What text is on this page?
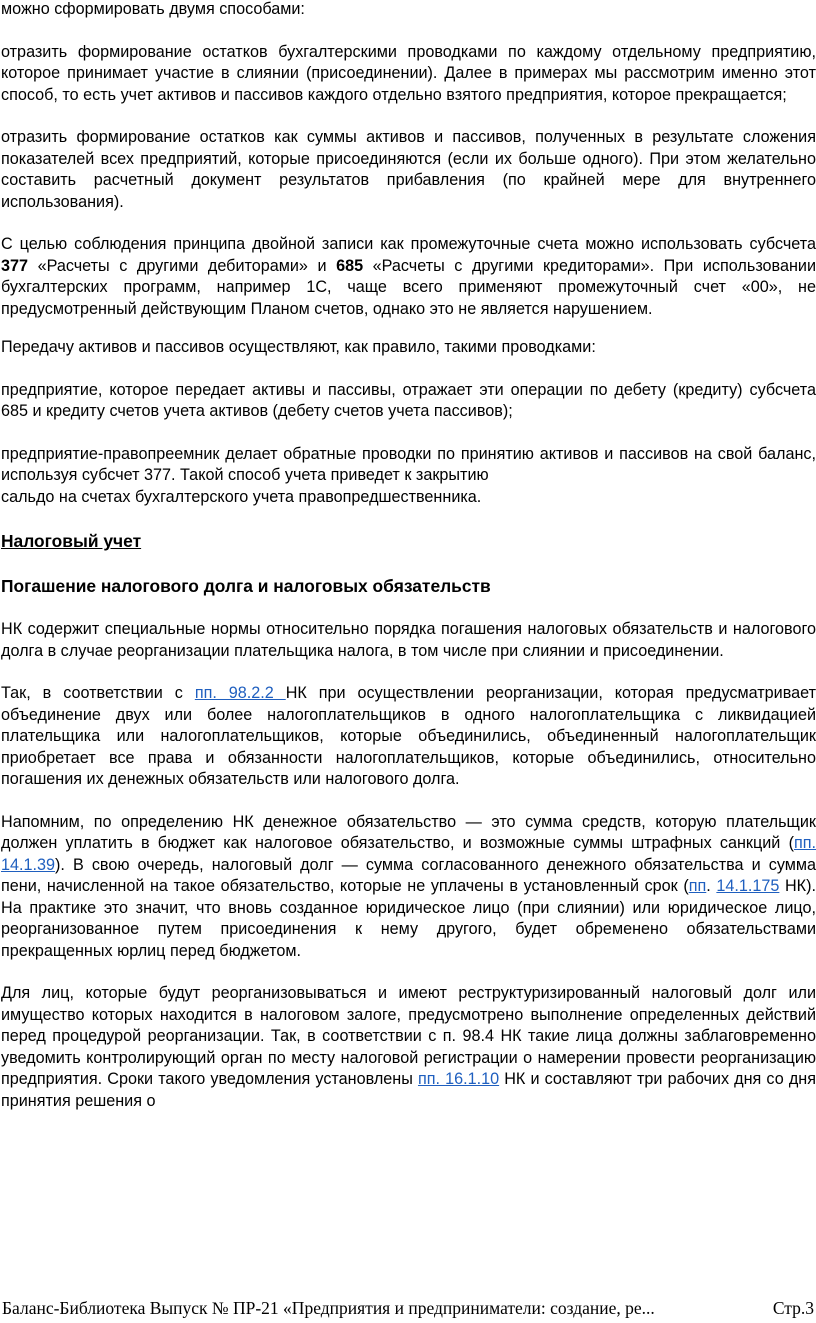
можно сформировать двумя способами:

отразить формирование остатков бухгалтерскими проводками по каждому отдельному предприятию, которое принимает участие в слиянии (присоединении). Далее в примерах мы рассмотрим именно этот способ, то есть учет активов и пассивов каждого отдельно взятого предприятия, которое прекращается;

отразить формирование остатков как суммы активов и пассивов, полученных в результате сложения показателей всех предприятий, которые присоединяются (если их больше одного). При этом желательно составить расчетный документ результатов прибавления (по крайней мере для внутреннего использования).

С целью соблюдения принципа двойной записи как промежуточные счета можно использовать субсчета 377 «Расчеты с другими дебиторами» и 685 «Расчеты с другими кредиторами». При использовании бухгалтерских программ, например 1С, чаще всего применяют промежуточный счет «00», не предусмотренный действующим Планом счетов, однако это не является нарушением.

Передачу активов и пассивов осуществляют, как правило, такими проводками:

предприятие, которое передает активы и пассивы, отражает эти операции по дебету (кредиту) субсчета 685 и кредиту счетов учета активов (дебету счетов учета пассивов);

предприятие-правопреемник делает обратные проводки по принятию активов и пассивов на свой баланс, используя субсчет 377. Такой способ учета приведет к закрытию
сальдо на счетах бухгалтерского учета правопредшественника.

Налоговый учет
Погашение налогового долга и налоговых обязательств

НК содержит специальные нормы относительно порядка погашения налоговых обязательств и налогового долга в случае реорганизации плательщика налога, в том числе при слиянии и присоединении.

Так, в соответствии с пп. 98.2.2 НК при осуществлении реорганизации, которая предусматривает объединение двух или более налогоплательщиков в одного налогоплательщика с ликвидацией плательщика или налогоплательщиков, которые объединились, объединенный налогоплательщик приобретает все права и обязанности налогоплательщиков, которые объединились, относительно погашения их денежных обязательств или налогового долга.

Напомним, по определению НК денежное обязательство — это сумма средств, которую плательщик должен уплатить в бюджет как налоговое обязательство, и возможные суммы штрафных санкций (пп. 14.1.39). В свою очередь, налоговый долг — сумма согласованного денежного обязательства и сумма пени, начисленной на такое обязательство, которые не уплачены в установленный срок (пп. 14.1.175 НК). На практике это значит, что вновь созданное юридическое лицо (при слиянии) или юридическое лицо, реорганизованное путем присоединения к нему другого, будет обременено обязательствами прекращенных юрлиц перед бюджетом.

Для лиц, которые будут реорганизовываться и имеют реструктуризированный налоговый долг или имущество которых находится в налоговом залоге, предусмотрено выполнение определенных действий перед процедурой реорганизации. Так, в соответствии с п. 98.4 НК такие лица должны заблаговременно уведомить контролирующий орган по месту налоговой регистрации о намерении провести реорганизацию предприятия. Сроки такого уведомления установлены пп. 16.1.10 НК и составляют три рабочих дня со дня принятия решения о

Баланс-Библиотека Выпуск № ПР-21 «Предприятия и предприниматели: создание, ре...	Стр.3
